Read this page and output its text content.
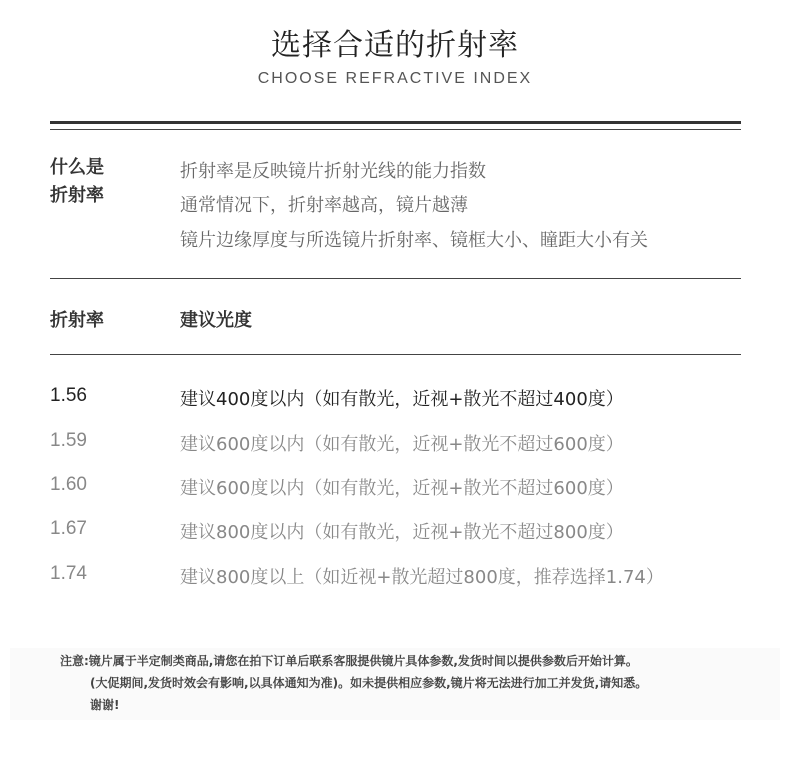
选择合适的折射率
CHOOSE REFRACTIVE INDEX
什么是
折射率
折射率是反映镜片折射光线的能力指数
通常情况下，折射率越高，镜片越薄
镜片边缘厚度与所选镜片折射率、镜框大小、瞳距大小有关
折射率	建议光度
1.56	建议400度以内（如有散光，近视+散光不超过400度）
1.59	建议600度以内（如有散光，近视+散光不超过600度）
1.60	建议600度以内（如有散光，近视+散光不超过600度）
1.67	建议800度以内（如有散光，近视+散光不超过800度）
1.74	建议800度以上（如近视+散光超过800度，推荐选择1.74）
注意:镜片属于半定制类商品,请您在拍下订单后联系客服提供镜片具体参数,发货时间以提供参数后开始计算。
(大促期间,发货时效会有影响,以具体通知为准)。如未提供相应参数,镜片将无法进行加工并发货,请知悉。
谢谢!
